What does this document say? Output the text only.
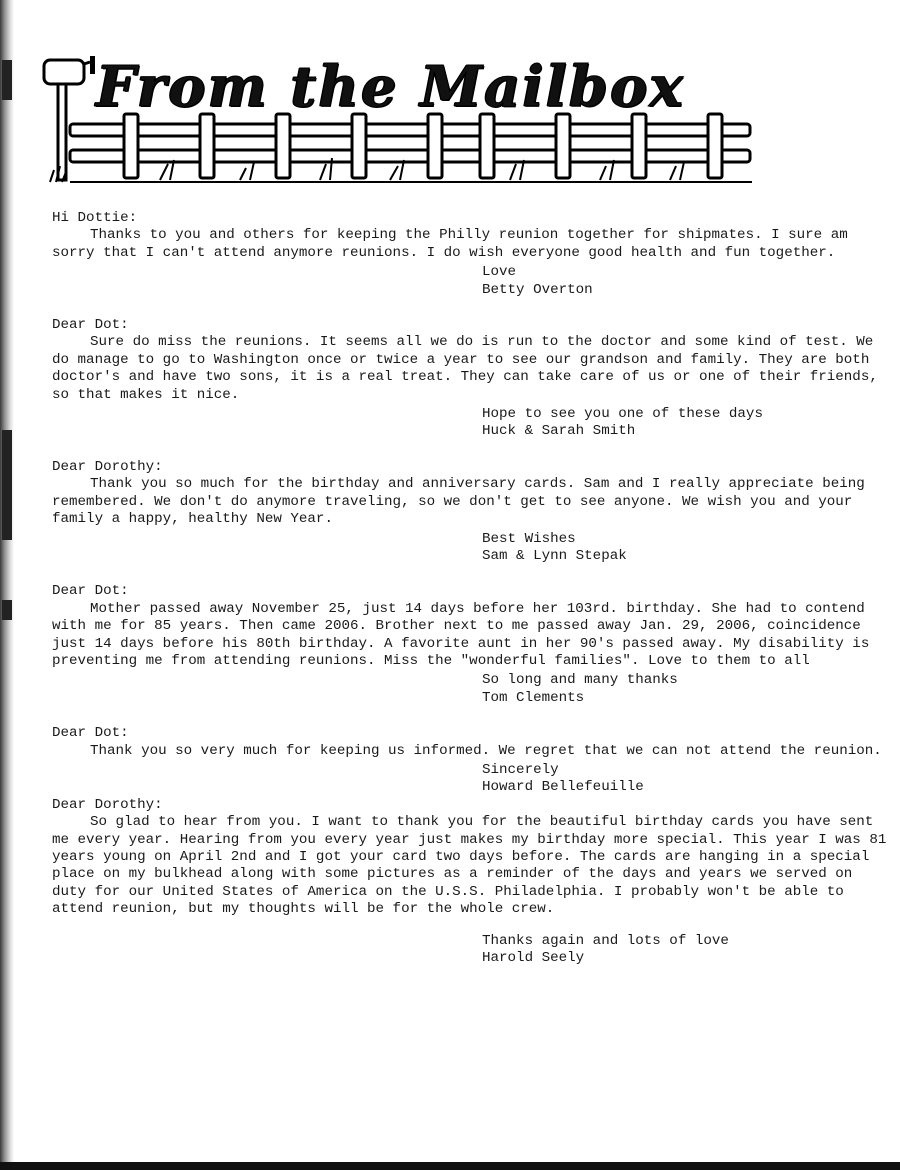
From the Mailbox

Hi Dottie:

Thanks to you and others for keeping the Philly reunion together for shipmates. I sure am sorry that I can't attend anymore reunions. I do wish everyone good health and fun together.

Love
Betty Overton

Dear Dot:

Sure do miss the reunions. It seems all we do is run to the doctor and some kind of test. We do manage to go to Washington once or twice a year to see our grandson and family. They are both doctor's and have two sons, it is a real treat. They can take care of us or one of their friends, so that makes it nice.

Hope to see you one of these days
Huck & Sarah Smith

Dear Dorothy:

Thank you so much for the birthday and anniversary cards. Sam and I really appreciate being remembered. We don't do anymore traveling, so we don't get to see anyone. We wish you and your family a happy, healthy New Year.

Best Wishes
Sam & Lynn Stepak

Dear Dot:

Mother passed away November 25, just 14 days before her 103rd. birthday. She had to contend with me for 85 years. Then came 2006. Brother next to me passed away Jan. 29, 2006, coincidence just 14 days before his 80th birthday. A favorite aunt in her 90's passed away. My disability is preventing me from attending reunions. Miss the "wonderful families". Love to them to all

So long and many thanks
Tom Clements

Dear Dot:

Thank you so very much for keeping us informed. We regret that we can not attend the reunion.

Sincerely
Howard Bellefeuille

Dear Dorothy:

So glad to hear from you. I want to thank you for the beautiful birthday cards you have sent me every year. Hearing from you every year just makes my birthday more special. This year I was 81 years young on April 2nd and I got your card two days before. The cards are hanging in a special place on my bulkhead along with some pictures as a reminder of the days and years we served on duty for our United States of America on the U.S.S. Philadelphia. I probably won't be able to attend reunion, but my thoughts will be for the whole crew.

Thanks again and lots of love
Harold Seely
